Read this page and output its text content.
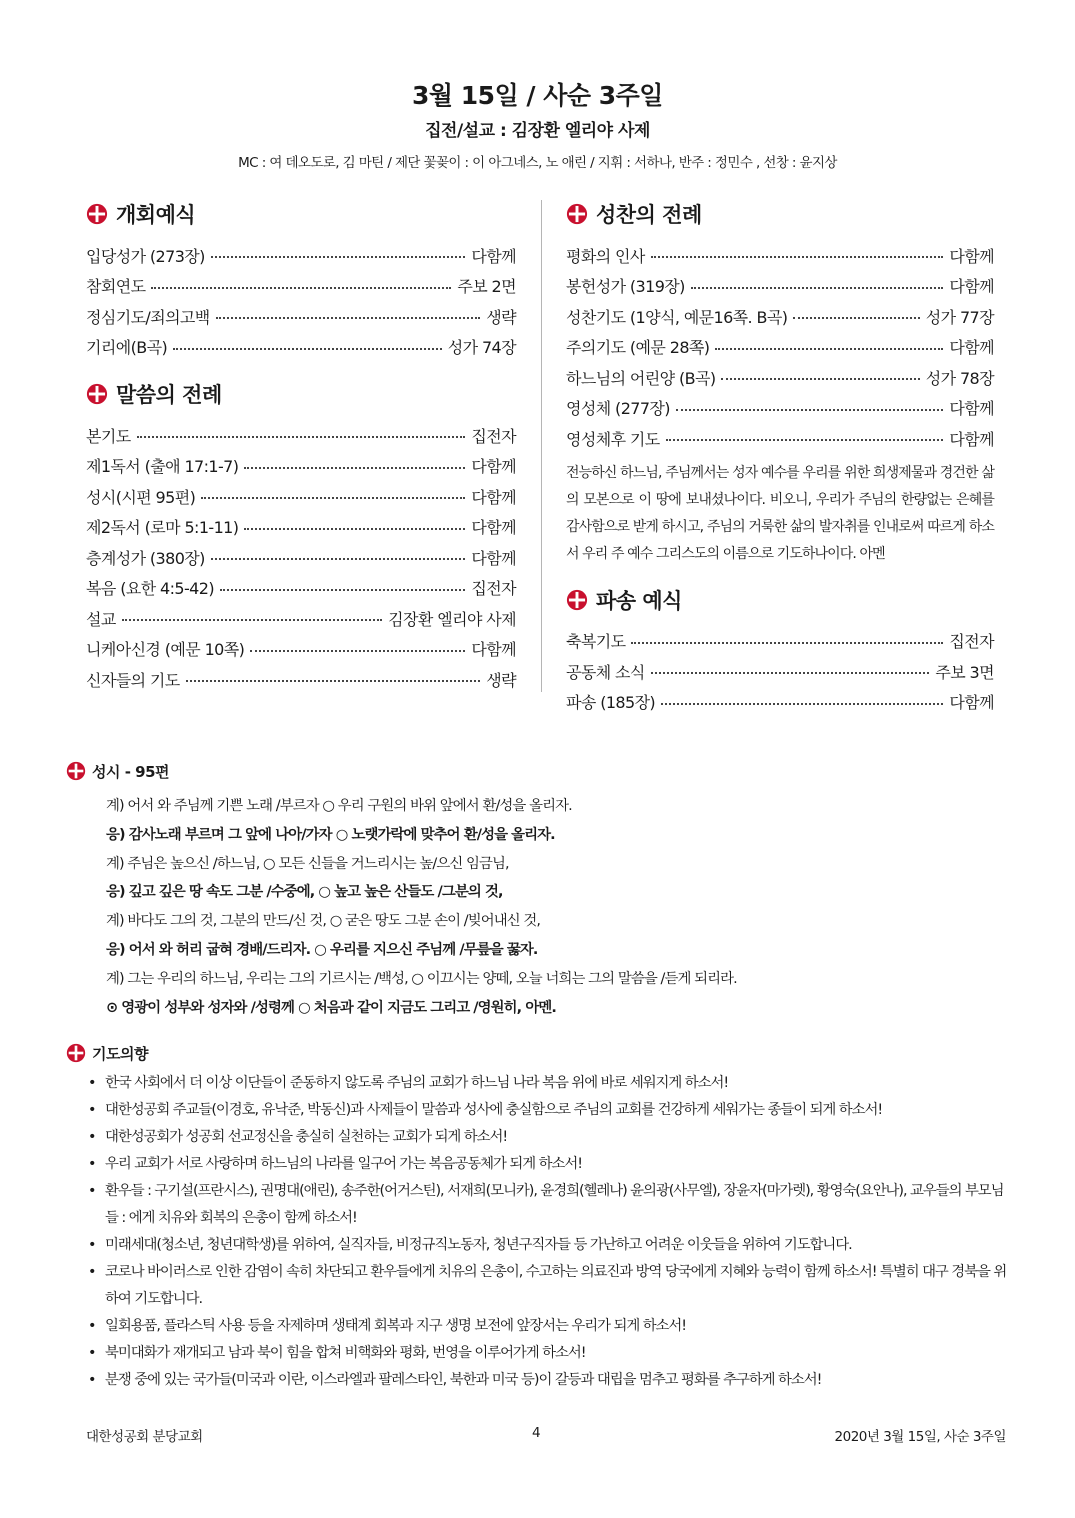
3월 15일 / 사순 3주일
집전/설교 : 김장환 엘리야 사제
MC : 여 데오도로, 김 마틴 / 제단 꽃꽂이 : 이 아그네스, 노 애린 / 지휘 : 서하나, 반주 : 정민수 , 선창 : 윤지상
개회예식
입당성가 (273장)	다함께
참회연도	주보 2면
정심기도/죄의고백	생략
기리에(B곡)	성가 74장
말씀의 전례
본기도	집전자
제1독서 (출애 17:1-7)	다함께
성시(시편 95편)	다함께
제2독서 (로마 5:1-11)	다함께
층계성가 (380장)	다함께
복음 (요한 4:5-42)	집전자
설교	김장환 엘리야 사제
니케아신경 (예문 10쪽)	다함께
신자들의 기도	생략
성찬의 전례
평화의 인사	다함께
봉헌성가 (319장)	다함께
성찬기도 (1양식, 예문16쪽. B곡)	성가 77장
주의기도 (예문 28쪽)	다함께
하느님의 어린양 (B곡)	성가 78장
영성체 (277장)	다함께
영성체후 기도	다함께

전능하신 하느님, 주님께서는 성자 예수를 우리를 위한 희생제물과 경건한 삶의 모본으로 이 땅에 보내셨나이다. 비오니, 우리가 주님의 한량없는 은혜를 감사함으로 받게 하시고, 주님의 거룩한 삶의 발자취를 인내로써 따르게 하소서 우리 주 예수 그리스도의 이름으로 기도하나이다. 아멘

파송 예식
축복기도	집전자
공동체 소식	주보 3면
파송 (185장)	다함께
성시 - 95편
계) 어서 와 주님께 기쁜 노래 /부르자 ○ 우리 구원의 바위 앞에서 환/성을 올리자.
응) 감사노래 부르며 그 앞에 나아/가자 ○ 노랫가락에 맞추어 환/성을 올리자.
계) 주님은 높으신 /하느님, ○ 모든 신들을 거느리시는 높/으신 임금님,
응) 깊고 깊은 땅 속도 그분 /수중에, ○ 높고 높은 산들도 /그분의 것,
계) 바다도 그의 것, 그분의 만드/신 것, ○ 굳은 땅도 그분 손이 /빚어내신 것,
응) 어서 와 허리 굽혀 경배/드리자. ○ 우리를 지으신 주님께 /무릎을 꿇자.
계) 그는 우리의 하느님, 우리는 그의 기르시는 /백성, ○ 이끄시는 양떼, 오늘 너희는 그의 말씀을 /듣게 되리라.
⊙ 영광이 성부와 성자와 /성령께 ○ 처음과 같이 지금도 그리고 /영원히, 아멘.
기도의향
• 한국 사회에서 더 이상 이단들이 준동하지 않도록 주님의 교회가 하느님 나라 복음 위에 바로 세워지게 하소서!
• 대한성공회 주교들(이경호, 유낙준, 박동신)과 사제들이 말씀과 성사에 충실함으로 주님의 교회를 건강하게 세워가는 종들이 되게 하소서!
• 대한성공회가 성공회 선교정신을 충실히 실천하는 교회가 되게 하소서!
• 우리 교회가 서로 사랑하며 하느님의 나라를 일구어 가는 복음공동체가 되게 하소서!
• 환우들 : 구기설(프란시스), 권명대(애린), 송주한(어거스틴), 서재희(모니카), 윤경희(헬레나) 윤의광(사무엘), 장윤자(마가렛), 황영숙(요안나), 교우들의 부모님들 : 에게 치유와 회복의 은총이 함께 하소서!
• 미래세대(청소년, 청년대학생)를 위하여, 실직자들, 비정규직노동자, 청년구직자들 등 가난하고 어려운 이웃들을 위하여 기도합니다.
• 코로나 바이러스로 인한 감염이 속히 차단되고 환우들에게 치유의 은총이, 수고하는 의료진과 방역 당국에게 지혜와 능력이 함께 하소서! 특별히 대구 경북을 위하여 기도합니다.
• 일회용품, 플라스틱 사용 등을 자제하며 생태계 회복과 지구 생명 보전에 앞장서는 우리가 되게 하소서!
• 북미대화가 재개되고 남과 북이 힘을 합쳐 비핵화와 평화, 번영을 이루어가게 하소서!
• 분쟁 중에 있는 국가들(미국과 이란, 이스라엘과 팔레스타인, 북한과 미국 등)이 갈등과 대립을 멈추고 평화를 추구하게 하소서!
대한성공회 분당교회	4	2020년 3월 15일, 사순 3주일
